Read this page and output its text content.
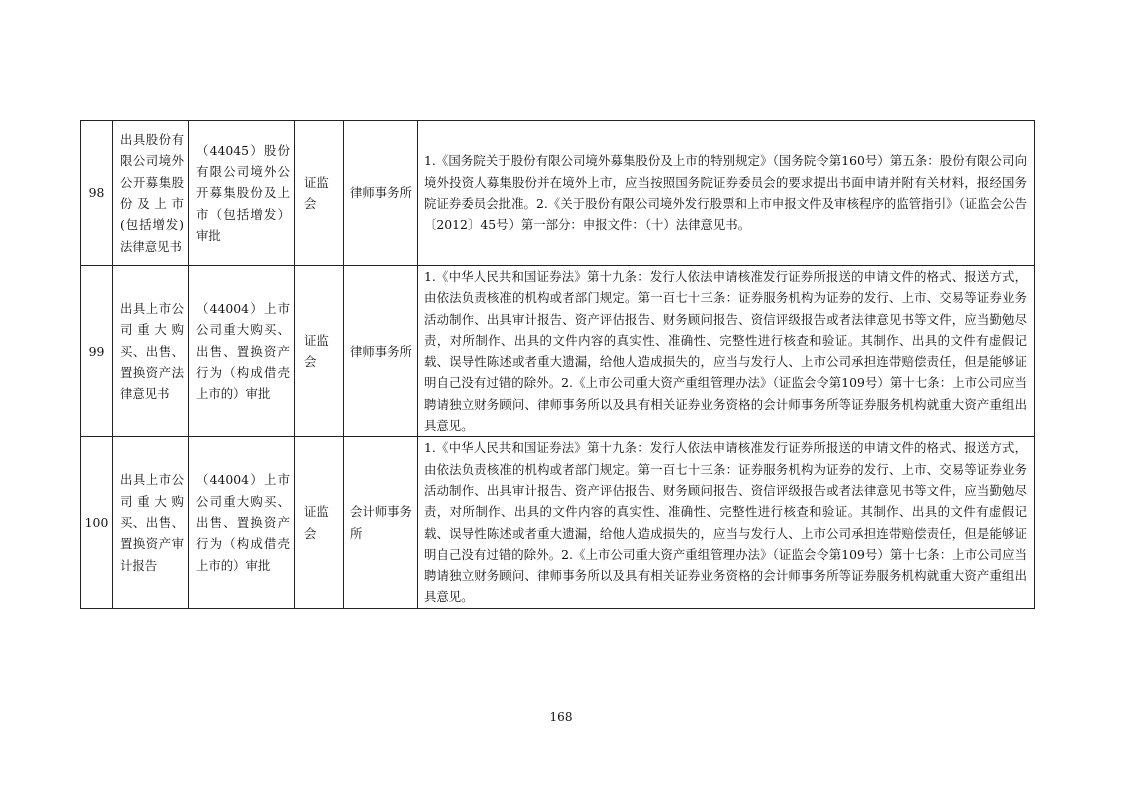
98	出具股份有限公司境外公开募集股份及上市(包括增发)法律意见书	（44045）股份有限公司境外公开募集股份及上市（包括增发）审批	证监会	律师事务所	1.《国务院关于股份有限公司境外募集股份及上市的特别规定》（国务院令第160号）第五条：股份有限公司向境外投资人募集股份并在境外上市，应当按照国务院证券委员会的要求提出书面申请并附有关材料，报经国务院证券委员会批准。2.《关于股份有限公司境外发行股票和上市申报文件及审核程序的监管指引》（证监会公告〔2012〕45号）第一部分：申报文件：（十）法律意见书。
99	出具上市公司重大购买、出售、置换资产法律意见书	（44004）上市公司重大购买、出售、置换资产行为（构成借壳上市的）审批	证监会	律师事务所	1.《中华人民共和国证券法》第十九条：发行人依法申请核准发行证券所报送的申请文件的格式、报送方式，由依法负责核准的机构或者部门规定。第一百七十三条：证券服务机构为证券的发行、上市、交易等证券业务活动制作、出具审计报告、资产评估报告、财务顾问报告、资信评级报告或者法律意见书等文件，应当勤勉尽责，对所制作、出具的文件内容的真实性、准确性、完整性进行核查和验证。其制作、出具的文件有虚假记载、误导性陈述或者重大遗漏，给他人造成损失的，应当与发行人、上市公司承担连带赔偿责任，但是能够证明自己没有过错的除外。2.《上市公司重大资产重组管理办法》（证监会令第109号）第十七条：上市公司应当聘请独立财务顾问、律师事务所以及具有相关证券业务资格的会计师事务所等证券服务机构就重大资产重组出具意见。
100	出具上市公司重大购买、出售、置换资产审计报告	（44004）上市公司重大购买、出售、置换资产行为（构成借壳上市的）审批	证监会	会计师事务所	1.《中华人民共和国证券法》第十九条：发行人依法申请核准发行证券所报送的申请文件的格式、报送方式，由依法负责核准的机构或者部门规定。第一百七十三条：证券服务机构为证券的发行、上市、交易等证券业务活动制作、出具审计报告、资产评估报告、财务顾问报告、资信评级报告或者法律意见书等文件，应当勤勉尽责，对所制作、出具的文件内容的真实性、准确性、完整性进行核查和验证。其制作、出具的文件有虚假记载、误导性陈述或者重大遗漏，给他人造成损失的，应当与发行人、上市公司承担连带赔偿责任，但是能够证明自己没有过错的除外。2.《上市公司重大资产重组管理办法》（证监会令第109号）第十七条：上市公司应当聘请独立财务顾问、律师事务所以及具有相关证券业务资格的会计师事务所等证券服务机构就重大资产重组出具意见。
168
